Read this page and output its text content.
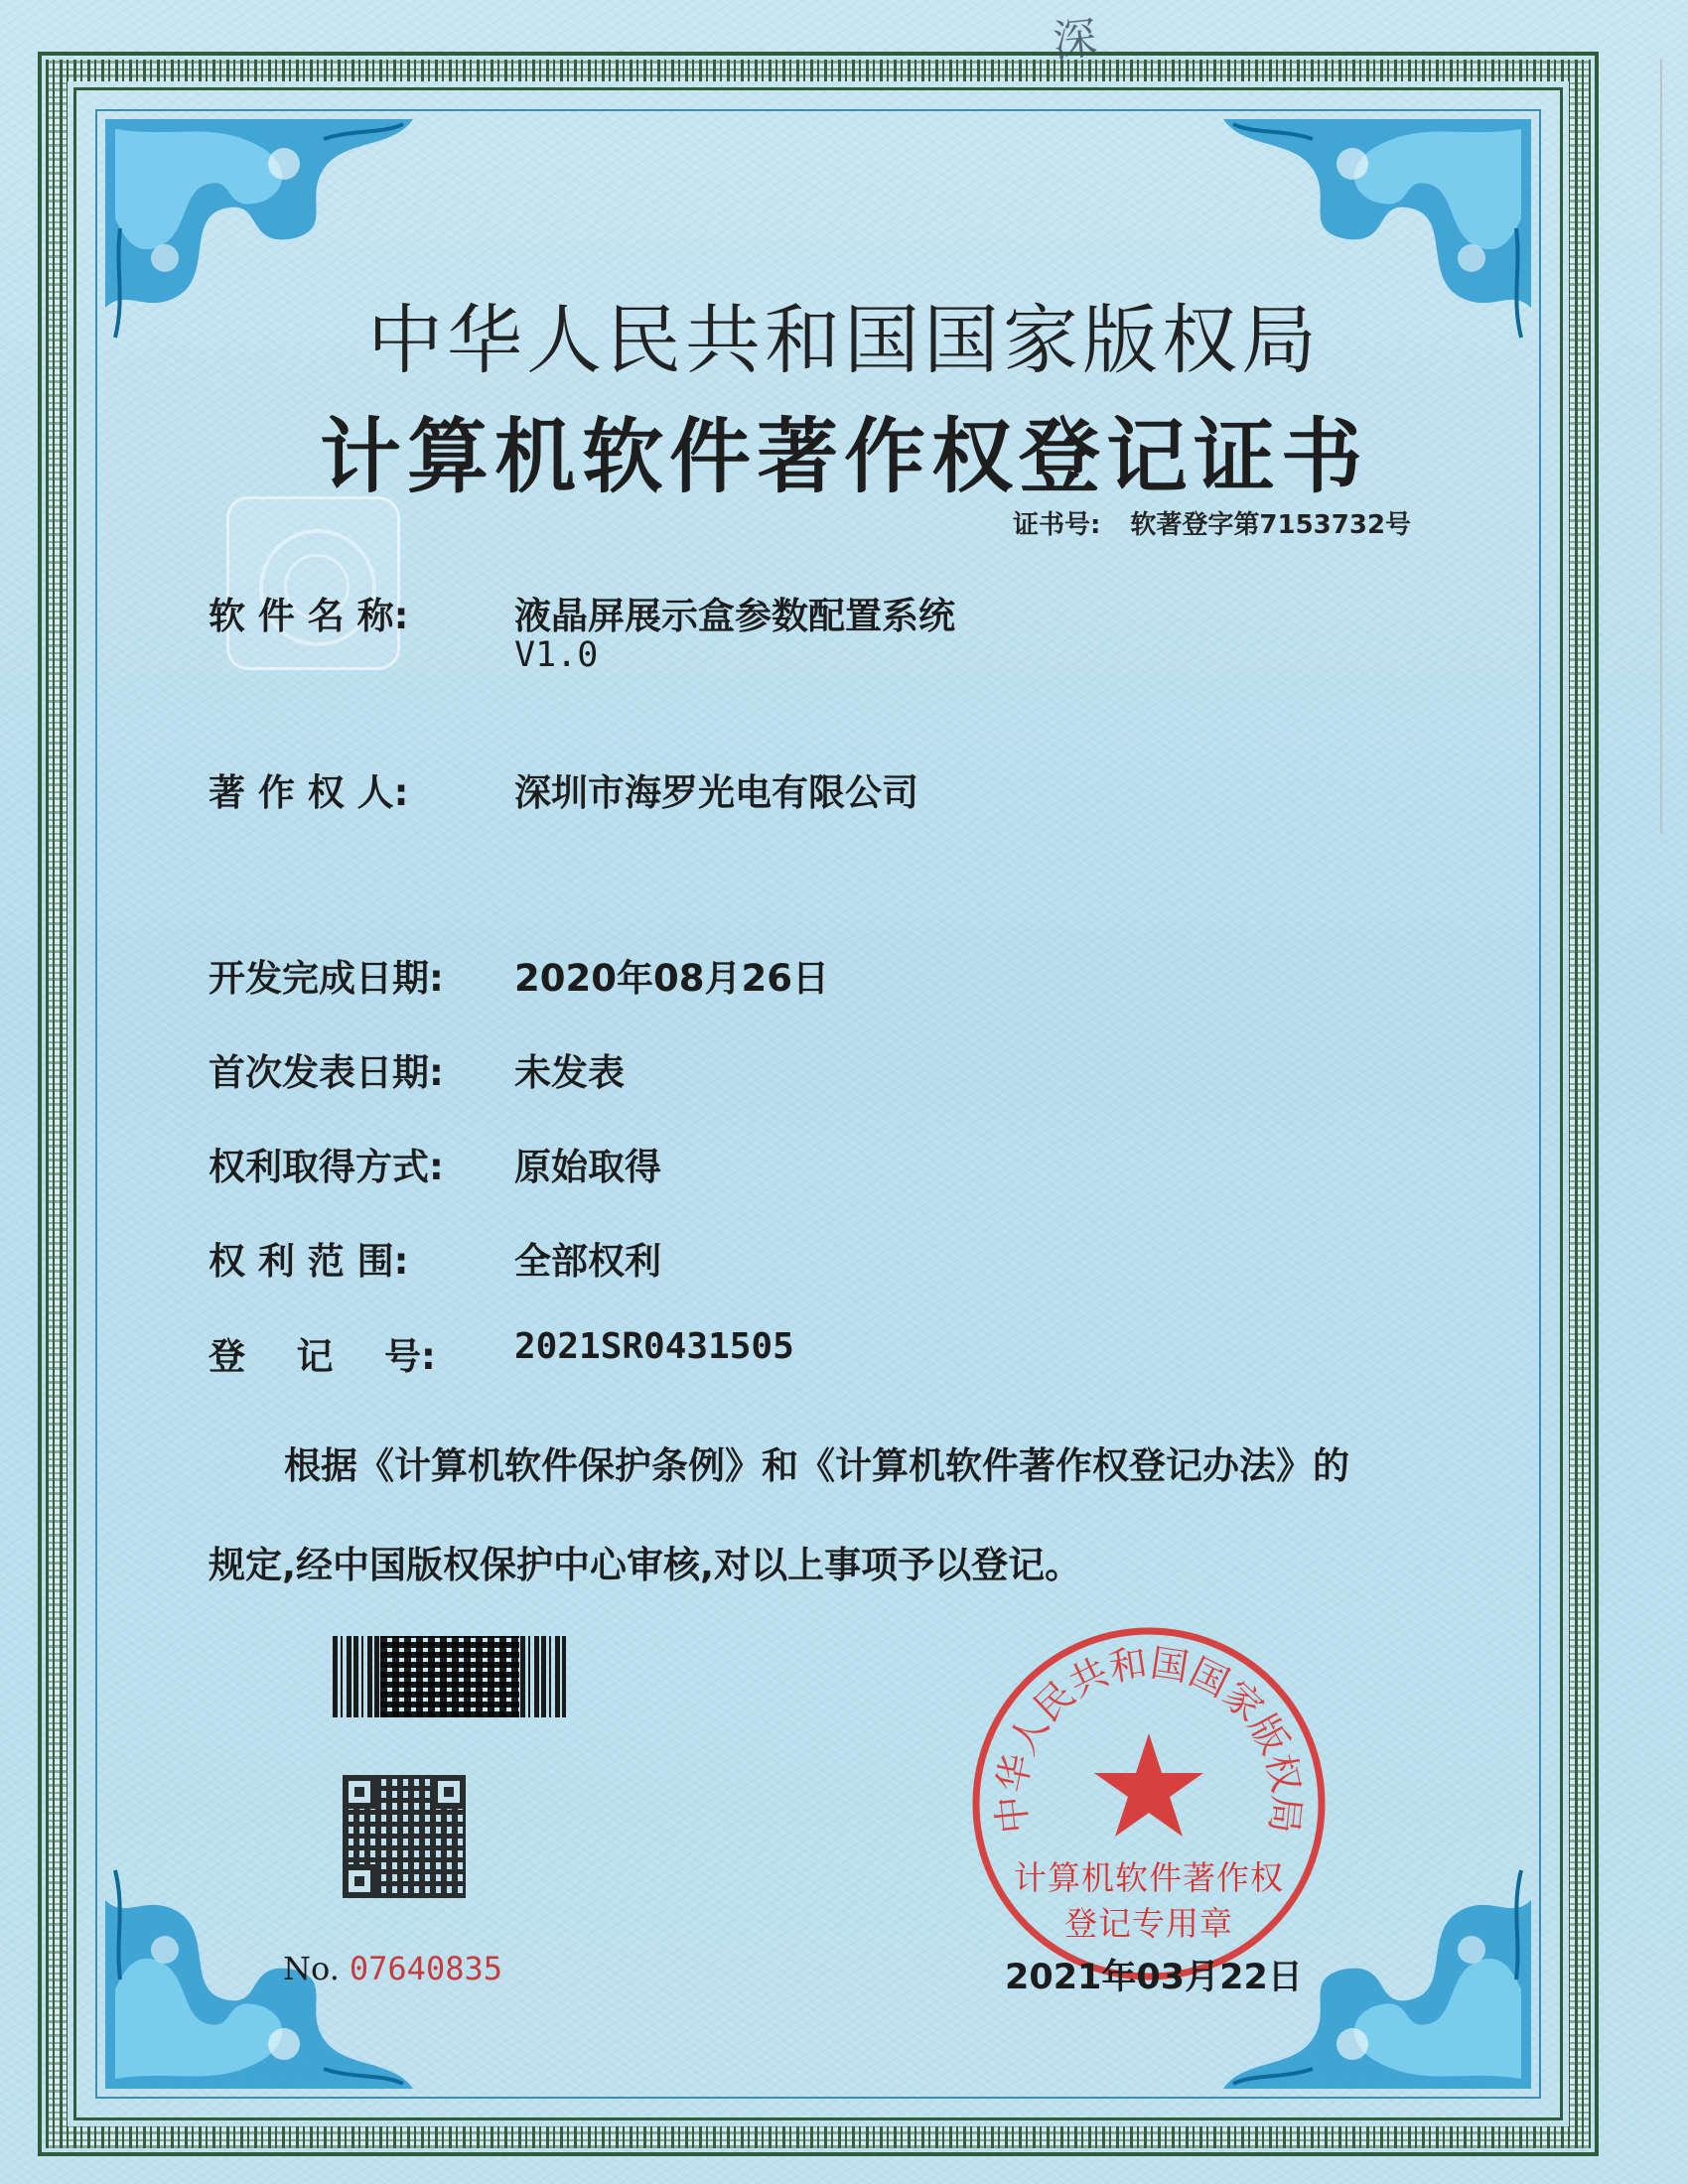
深
中华人民共和国国家版权局
计算机软件著作权登记证书
证书号: 软著登字第7153732号
软 件 名 称:	液晶屏展示盒参数配置系统
V1.0
著 作 权 人:	深圳市海罗光电有限公司
开发完成日期: 2020年08月26日
首次发表日期: 未发表
权利取得方式: 原始取得
权 利 范 围:	全部权利
登    记    号: 2021SR0431505
根据《计算机软件保护条例》和《计算机软件著作权登记办法》的
规定,经中国版权保护中心审核,对以上事项予以登记。
No. 07640835
中华人民共和国国家版权局
计算机软件著作权
登记专用章
2021年03月22日
